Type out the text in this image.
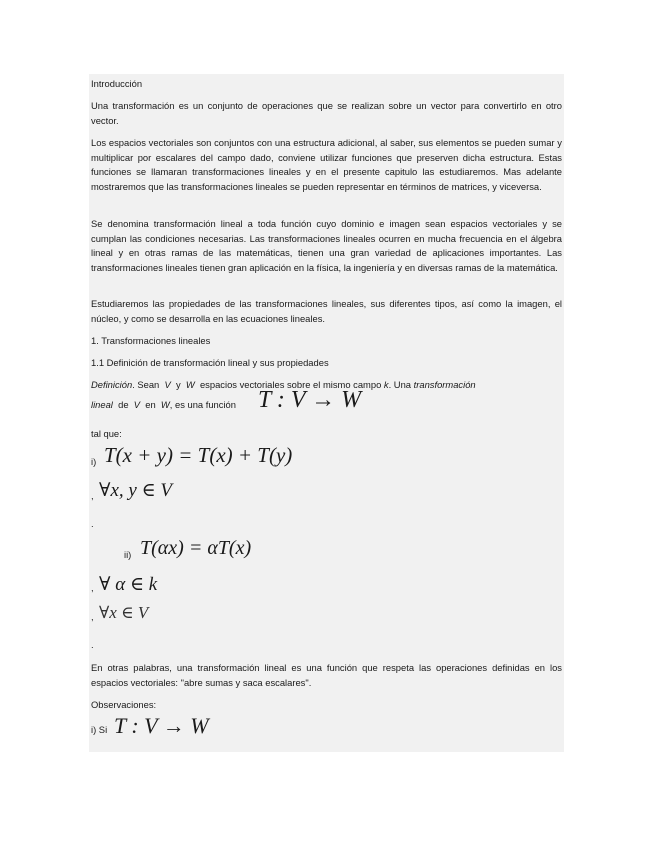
Introducción

Una transformación es un conjunto de operaciones que se realizan sobre un vector para convertirlo en otro vector.

Los espacios vectoriales son conjuntos con una estructura adicional, al saber, sus elementos se pueden sumar y multiplicar por escalares del campo dado, conviene utilizar funciones que preserven dicha estructura. Estas funciones se llamaran transformaciones lineales y en el presente capitulo las estudiaremos. Mas adelante mostraremos que las transformaciones lineales se pueden representar en términos de matrices, y viceversa.

Se denomina transformación lineal a toda función cuyo dominio e imagen sean espacios vectoriales y se cumplan las condiciones necesarias. Las transformaciones lineales ocurren en mucha frecuencia en el álgebra lineal y en otras ramas de las matemáticas, tienen una gran variedad de aplicaciones importantes. Las transformaciones lineales tienen gran aplicación en la física, la ingeniería y en diversas ramas de la matemática.

Estudiaremos las propiedades de las transformaciones lineales, sus diferentes tipos, así como la imagen, el núcleo, y como se desarrolla en las ecuaciones lineales.

1. Transformaciones lineales

1.1 Definición de transformación lineal y sus propiedades

Definición. Sean V y W espacios vectoriales sobre el mismo campo k. Una transformación

lineal de V en W, es una función T : V → W

tal que:

i) T(x + y) = T(x) + T(y)
, ∀x, y ∈ V
.
ii) T(αx) = αT(x)
, ∀ α ∈ k
, ∀x ∈ V
.

En otras palabras, una transformación lineal es una función que respeta las operaciones definidas en los espacios vectoriales: "abre sumas y saca escalares".

Observaciones:

i) Si T : V → W
